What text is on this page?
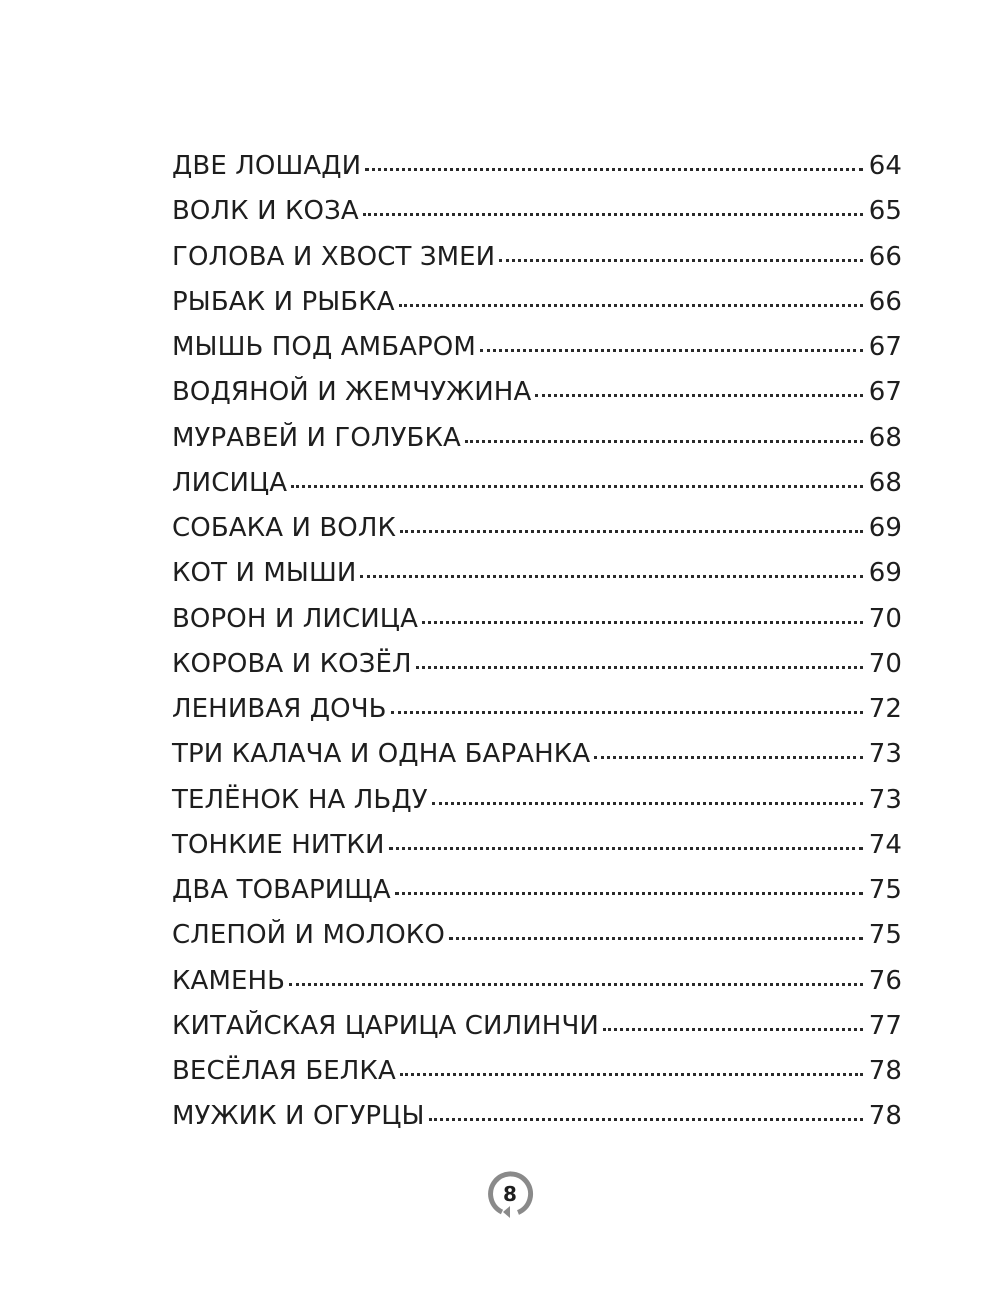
ДВЕ ЛОШАДИ	64
ВОЛК И КОЗА	65
ГОЛОВА И ХВОСТ ЗМЕИ	66
РЫБАК И РЫБКА	66
МЫШЬ ПОД АМБАРОМ	67
ВОДЯНОЙ И ЖЕМЧУЖИНА	67
МУРАВЕЙ И ГОЛУБКА	68
ЛИСИЦА	68
СОБАКА И ВОЛК	69
КОТ И МЫШИ	69
ВОРОН И ЛИСИЦА	70
КОРОВА И КОЗЁЛ	70
ЛЕНИВАЯ ДОЧЬ	72
ТРИ КАЛАЧА И ОДНА БАРАНКА	73
ТЕЛЁНОК НА ЛЬДУ	73
ТОНКИЕ НИТКИ	74
ДВА ТОВАРИЩА	75
СЛЕПОЙ И МОЛОКО	75
КАМЕНЬ	76
КИТАЙСКАЯ ЦАРИЦА СИЛИНЧИ	77
ВЕСЁЛАЯ БЕЛКА	78
МУЖИК И ОГУРЦЫ	78
8
